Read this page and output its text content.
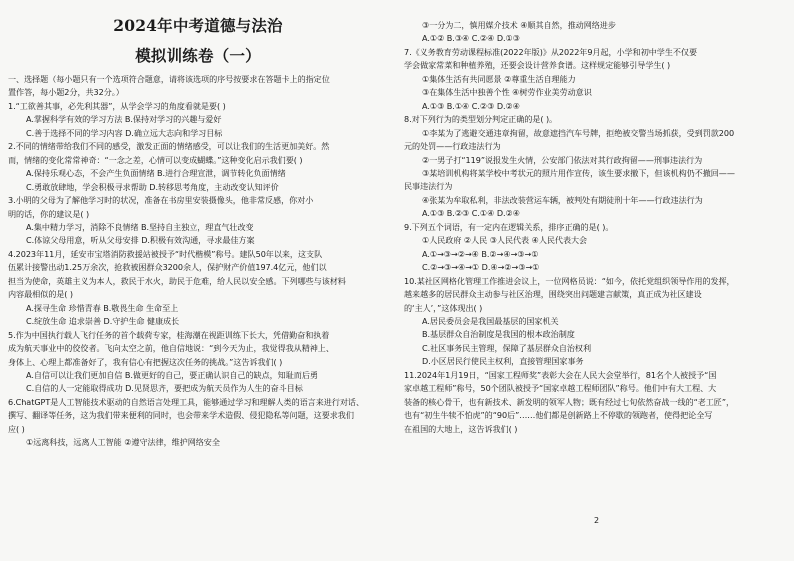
2024年中考道德与法治
模拟训练卷（一）
一、选择题（每小题只有一个选项符合题意，请将该选项的序号按要求在答题卡上的指定位
置作答，每小题2分，共32分。）
1.“工欲善其事，必先利其器”，从学会学习的角度看就是要( )
A.掌握科学有效的学习方法 B.保持对学习的兴趣与爱好
C.善于选择不同的学习内容 D.确立远大志向和学习目标
2.不同的情绪带给我们不同的感受，激发正面的情绪感受，可以让我们的生活更加美好。然
而，情绪的变化常常神奇：“一念之差，心情可以变成蝴蝶。”这种变化启示我们要( )
A.保持乐观心态，不会产生负面情绪 B.进行合理宣泄，调节转化负面情绪
C.勇敢放肆地，学会积极寻求帮助 D.转移思考角度，主动改变认知评价
3.小明的父母为了解他学习时的状况，准备在书房里安装摄像头，他非常反感，你对小
明的话，你的建议是( )
A.集中精力学习，消除不良情绪 B.坚持自主独立，理直气壮改变
C.体谅父母用意，听从父母安排 D.积极有效沟通，寻求最佳方案
4.2023年11月，延安市宝塔消防救援站被授予“时代楷模”称号。建队50年以来，这支队
伍累计接警出动1.25万余次，抢救被困群众3200余人，保护财产价值197.4亿元，他们以
担当为使命，英雄主义为本人，救民于水火，助民于危难，给人民以安全感。下列哪些与该材料
内容最相似的是( )
A.探寻生命 珍惜青春 B.敬畏生命 生命至上
C.绽放生命 追求崇善 D.守护生命 健康成长
5.作为中国执行载人飞行任务的首个载荷专家，桂海潮在视距训练下长大，凭借勤奋和执着
成为航天事业中的佼佼者。飞向太空之前，他自信地说：“到今天为止，我觉得我从精神上、
身体上、心理上都准备好了，我有信心有把握这次任务的挑战。”这告诉我们( )
A.自信可以让我们更加自信 B.做更好的自己，要正确认识自己的缺点，知耻而后勇
C.自信的人一定能取得成功 D.见贤思齐，要把成为航天员作为人生的奋斗目标
6.ChatGPT是人工智能技术驱动的自然语言处理工具，能够通过学习和理解人类的语言来进行对话、
撰写、翻译等任务，这为我们带来便利的同时，也会带来学术造假、侵犯隐私等问题，这要求我们
应( )
①远离科技，远离人工智能 ②遵守法律，维护网络安全
③一分为二，慎用媒介技术 ④顺其自然，推动网络进步
A.①② B.③④ C.②④ D.①③
7.《义务教育劳动课程标准(2022年版)》从2022年9月起，小学和初中学生不仅要
学会做家常菜和种植养殖，还要会设计营养食谱。这样规定能够引导学生( )
①集体生活有共同愿景 ②尊重生活自理能力
③在集体生活中独善个性 ④树劳作业美劳动意识
A.①③ B.①④ C.②③ D.②④
8.对下列行为的类型划分判定正确的是( )。
①李某为了逃避交通违章拘留，故意遮挡汽车号牌，拒绝被交警当场抓获，受到罚款200
元的处罚——行政违法行为
②一男子打“119”说报发生火情，公安部门依法对其行政拘留——刑事违法行为
③某培训机构将某学校中考状元的照片用作宣传，该生要求撤下，但该机构仍不撤回——
民事违法行为
④张某为牟取私利，非法改装营运车辆，被判处有期徒刑十年——行政违法行为
A.①③ B.②③ C.①④ D.②④
9.下列五个词语，有一定内在逻辑关系，排序正确的是( )。
①人民政府 ②人民 ③人民代表 ④人民代表大会
A.①→③→②→④ B.②→④→③→①
C.②→③→④→① D.④→②→③→①
10.某社区网格化管理工作推进会议上，一位网格员说：“如今，依托党组织领导作用的发挥，
越来越多的居民群众主动参与社区治理，围绕突出问题建言献策，真正成为社区建设
的‘主人’，”这体现出( )
A.居民委员会是我国最基层的国家机关
B.基层群众自治制度是我国的根本政治制度
C.社区事务民主管理，保障了基层群众自治权利
D.小区居民行使民主权利，直接管理国家事务
11.2024年1月19日，“国家工程师奖”表彰大会在人民大会堂举行，81名个人被授予“国
家卓越工程师”称号，50个团队被授予“国家卓越工程师团队”称号。他们中有大工程、大
装备的核心骨干，也有新技术、新发明的领军人物；既有经过七旬依然奋战一线的“老工匠”，
也有“初生牛犊不怕虎”的“90后”……他们都是创新路上不停歇的领跑者，使得把论全写
在祖国的大地上，这告诉我们( )
2
